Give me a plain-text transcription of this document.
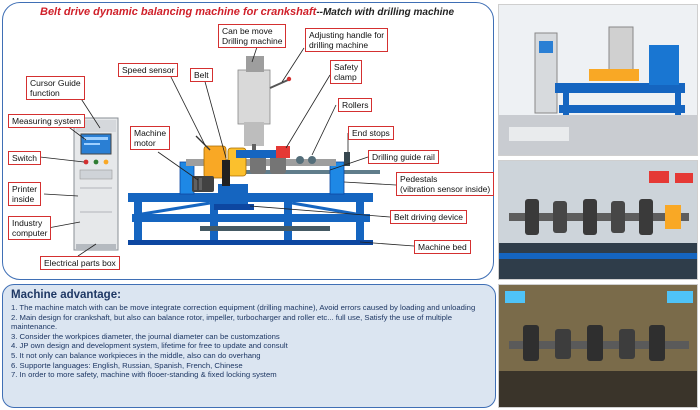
Belt drive dynamic balancing machine for crankshaft--Match with drilling machine
Can be move
Drilling machine
Adjusting handle for
drilling machine
Speed sensor	Belt
Safety
clamp
Cursor Guide
function
Rollers
Measuring system
Machine
motor
End stops
Switch	Drilling guide rail
Printer
inside
Pedestals
(vibration sensor inside)
Industry
computer
Belt driving device
Machine bed
Electrical parts box
Machine advantage:
1. The machine match with can be move integrate correction equipment (drilling machine), Avoid errors caused by loading and unloading
2. Main design for crankshaft, but also can balance rotor, impeller, turbocharger and roller etc... full use, Satisfy the use of multiple maintenance.
3. Consider the workpices diameter, the journal diameter can be customzations
4. JP own design and development system, lifetime for free to update and consult
5. It not only can balance workpieces in the middle, also can do overhang
6. Supporte languages: English, Russian, Spanish, French, Chinese
7. In order to more safety, machine with flooer-standing & fixed locking system
